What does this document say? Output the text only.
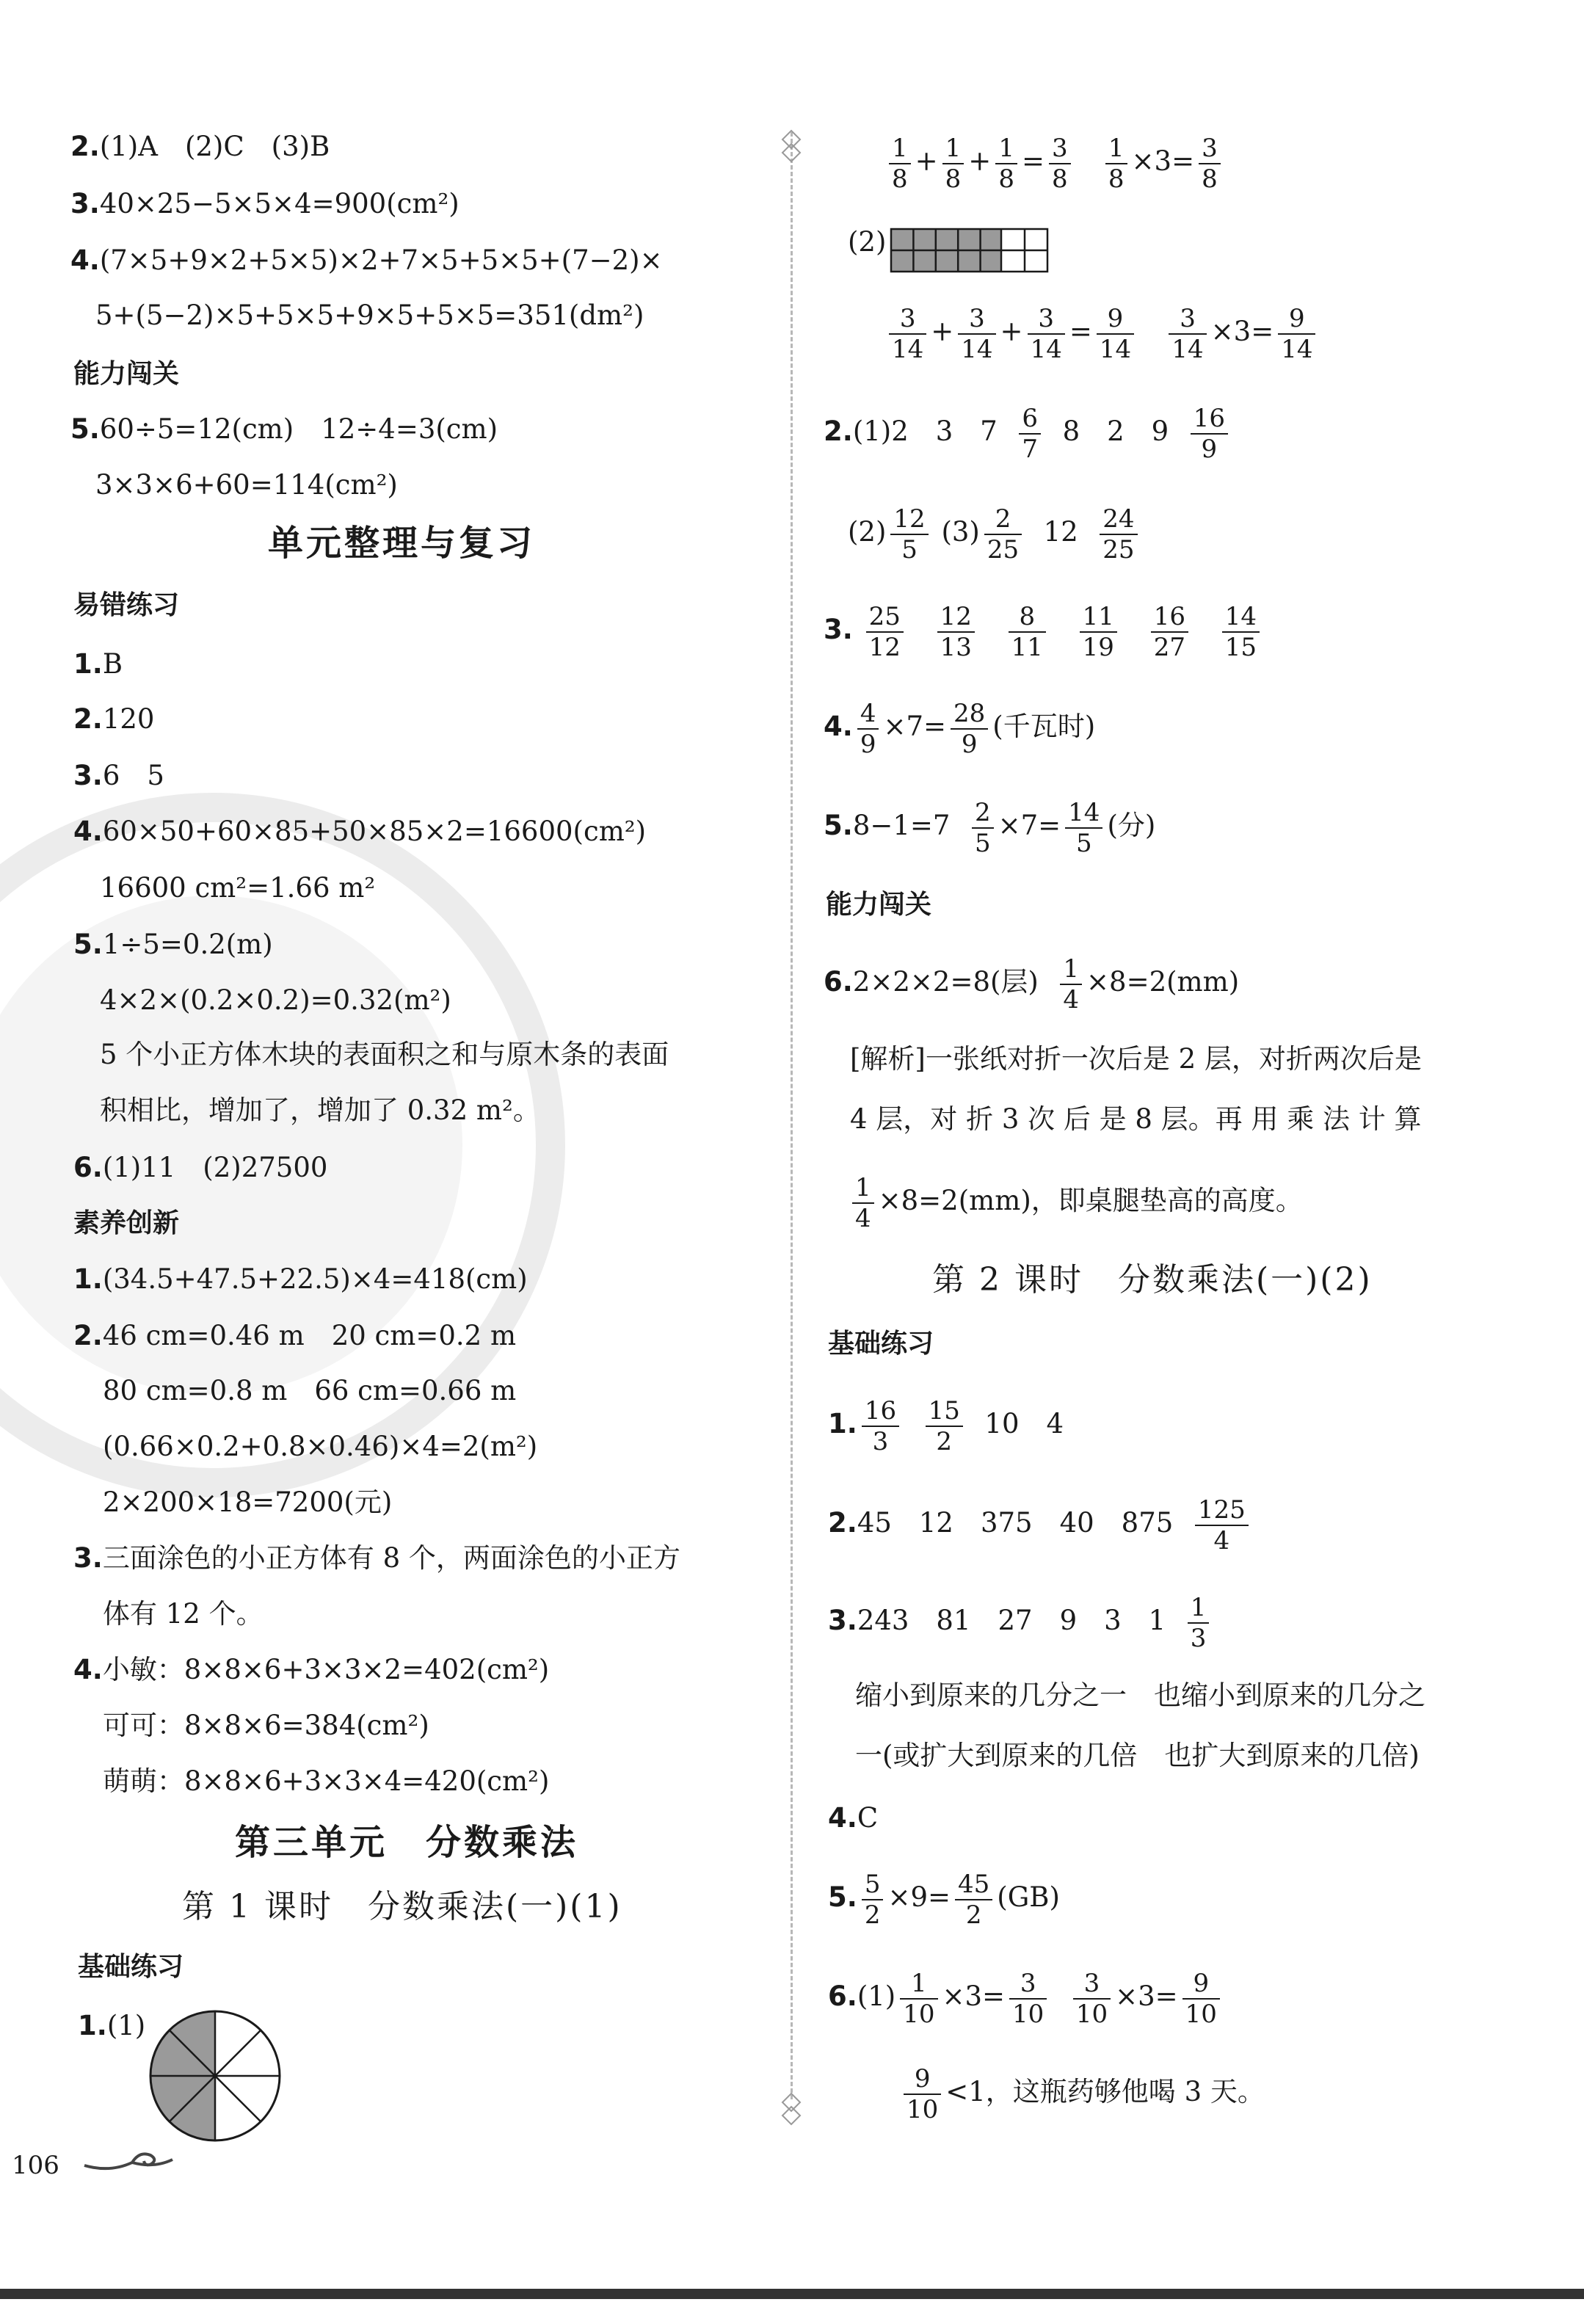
2.(1)A　(2)C　(3)B
3.40×25−5×5×4=900(cm²)
4.(7×5+9×2+5×5)×2+7×5+5×5+(7−2)×
5+(5−2)×5+5×5+9×5+5×5=351(dm²)
能力闯关
5.60÷5=12(cm)　12÷4=3(cm)
3×3×6+60=114(cm²)
单元整理与复习
易错练习
1.B
2.120
3.6　5
4.60×50+60×85+50×85×2=16600(cm²)
16600 cm²=1.66 m²
5.1÷5=0.2(m)
4×2×(0.2×0.2)=0.32(m²)
5 个小正方体木块的表面积之和与原木条的表面
积相比，增加了，增加了 0.32 m²。
6.(1)11　(2)27500
素养创新
1.(34.5+47.5+22.5)×4=418(cm)
2.46 cm=0.46 m　20 cm=0.2 m
80 cm=0.8 m　66 cm=0.66 m
(0.66×0.2+0.8×0.46)×4=2(m²)
2×200×18=7200(元)
3.三面涂色的小正方体有 8 个，两面涂色的小正方
体有 12 个。
4.小敏：8×8×6+3×3×2=402(cm²)
可可：8×8×6=384(cm²)
萌萌：8×8×6+3×3×4=420(cm²)
第三单元　分数乘法
第 1 课时　分数乘法(一)(1)
基础练习
1.(1)
106
$\frac{1}{8} + \frac{1}{8} + \frac{1}{8} = \frac{3}{8}$
$\frac{1}{8} \times 3= \frac{3}{8}$
(2)
$\frac{3}{14} + \frac{3}{14} + \frac{3}{14} = \frac{9}{14}$
$\frac{3}{14} \times 3= \frac{9}{14}$
2.(1)2　3　$7 \frac{6}{7} 8$　2　$9 \frac{16}{9}$
$(2) \frac{12}{5} (3) \frac{2}{25} 12 \frac{24}{25}$
3. $\frac{25}{12}$
$\frac{12}{13}$
$\frac{8}{11}$
$\frac{11}{19}$
$\frac{16}{27}$
$\frac{14}{15}$
4. $\frac{4}{9} \times 7= \frac{28}{9}$ (千瓦时)
$5.8-1=7 \frac{2}{5} \times 7= \frac{14}{5}$ (分)
能力闯关
6.2×2×2=8(层) $\frac{1}{4} \times 8=2(mm)$
[解析]一张纸对折一次后是 2 层，对折两次后是
4 层，对 折 3 次 后 是 8 层。再 用 乘 法 计 算
$\frac{1}{4} \times 8=2(mm)$，即桌腿垫高的高度。
第 2 课时　分数乘法(一)(2)
基础练习
1. $\frac{16}{3}$
$\frac{15}{2} 10$　4
2.45　12　375　40　$875 \frac{125}{4}$
3.243　81　27　9　3　$1 \frac{1}{3}$
缩小到原来的几分之一　也缩小到原来的几分之
一(或扩大到原来的几倍　也扩大到原来的几倍)
4.C
5. $\frac{5}{2} \times 9= \frac{45}{2} (GB)$
$6.(1) \frac{1}{10} \times 3= \frac{3}{10}$
$\frac{3}{10} \times 3= \frac{9}{10}$
$\frac{9}{10} <1$，这瓶药够他喝 3 天。
